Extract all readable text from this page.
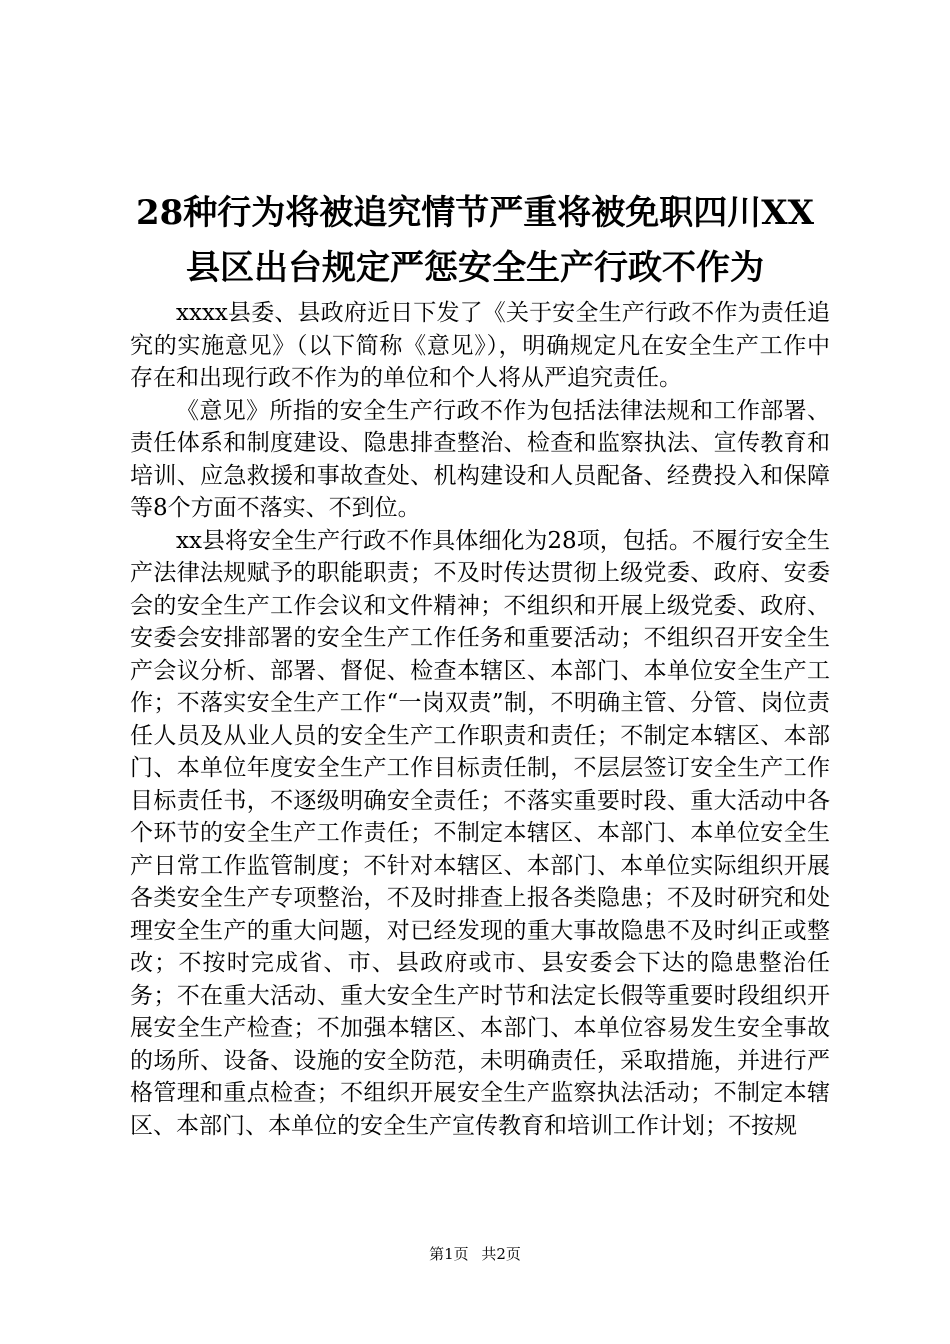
28种行为将被追究情节严重将被免职四川XX
县区出台规定严惩安全生产行政不作为

xxxx县委、县政府近日下发了《关于安全生产行政不作为责任追究的实施意见》（以下简称《意见》），明确规定凡在安全生产工作中存在和出现行政不作为的单位和个人将从严追究责任。

《意见》所指的安全生产行政不作为包括法律法规和工作部署、责任体系和制度建设、隐患排查整治、检查和监察执法、宣传教育和培训、应急救援和事故查处、机构建设和人员配备、经费投入和保障等8个方面不落实、不到位。

xx县将安全生产行政不作具体细化为28项，包括。不履行安全生产法律法规赋予的职能职责；不及时传达贯彻上级党委、政府、安委会的安全生产工作会议和文件精神；不组织和开展上级党委、政府、安委会安排部署的安全生产工作任务和重要活动；不组织召开安全生产会议分析、部署、督促、检查本辖区、本部门、本单位安全生产工作；不落实安全生产工作“一岗双责”制，不明确主管、分管、岗位责任人员及从业人员的安全生产工作职责和责任；不制定本辖区、本部门、本单位年度安全生产工作目标责任制，不层层签订安全生产工作目标责任书，不逐级明确安全责任；不落实重要时段、重大活动中各个环节的安全生产工作责任；不制定本辖区、本部门、本单位安全生产日常工作监管制度；不针对本辖区、本部门、本单位实际组织开展各类安全生产专项整治，不及时排查上报各类隐患；不及时研究和处理安全生产的重大问题，对已经发现的重大事故隐患不及时纠正或整改；不按时完成省、市、县政府或市、县安委会下达的隐患整治任务；不在重大活动、重大安全生产时节和法定长假等重要时段组织开展安全生产检查；不加强本辖区、本部门、本单位容易发生安全事故的场所、设备、设施的安全防范，未明确责任，采取措施，并进行严格管理和重点检查；不组织开展安全生产监察执法活动；不制定本辖区、本部门、本单位的安全生产宣传教育和培训工作计划；不按规

第1页 共2页
